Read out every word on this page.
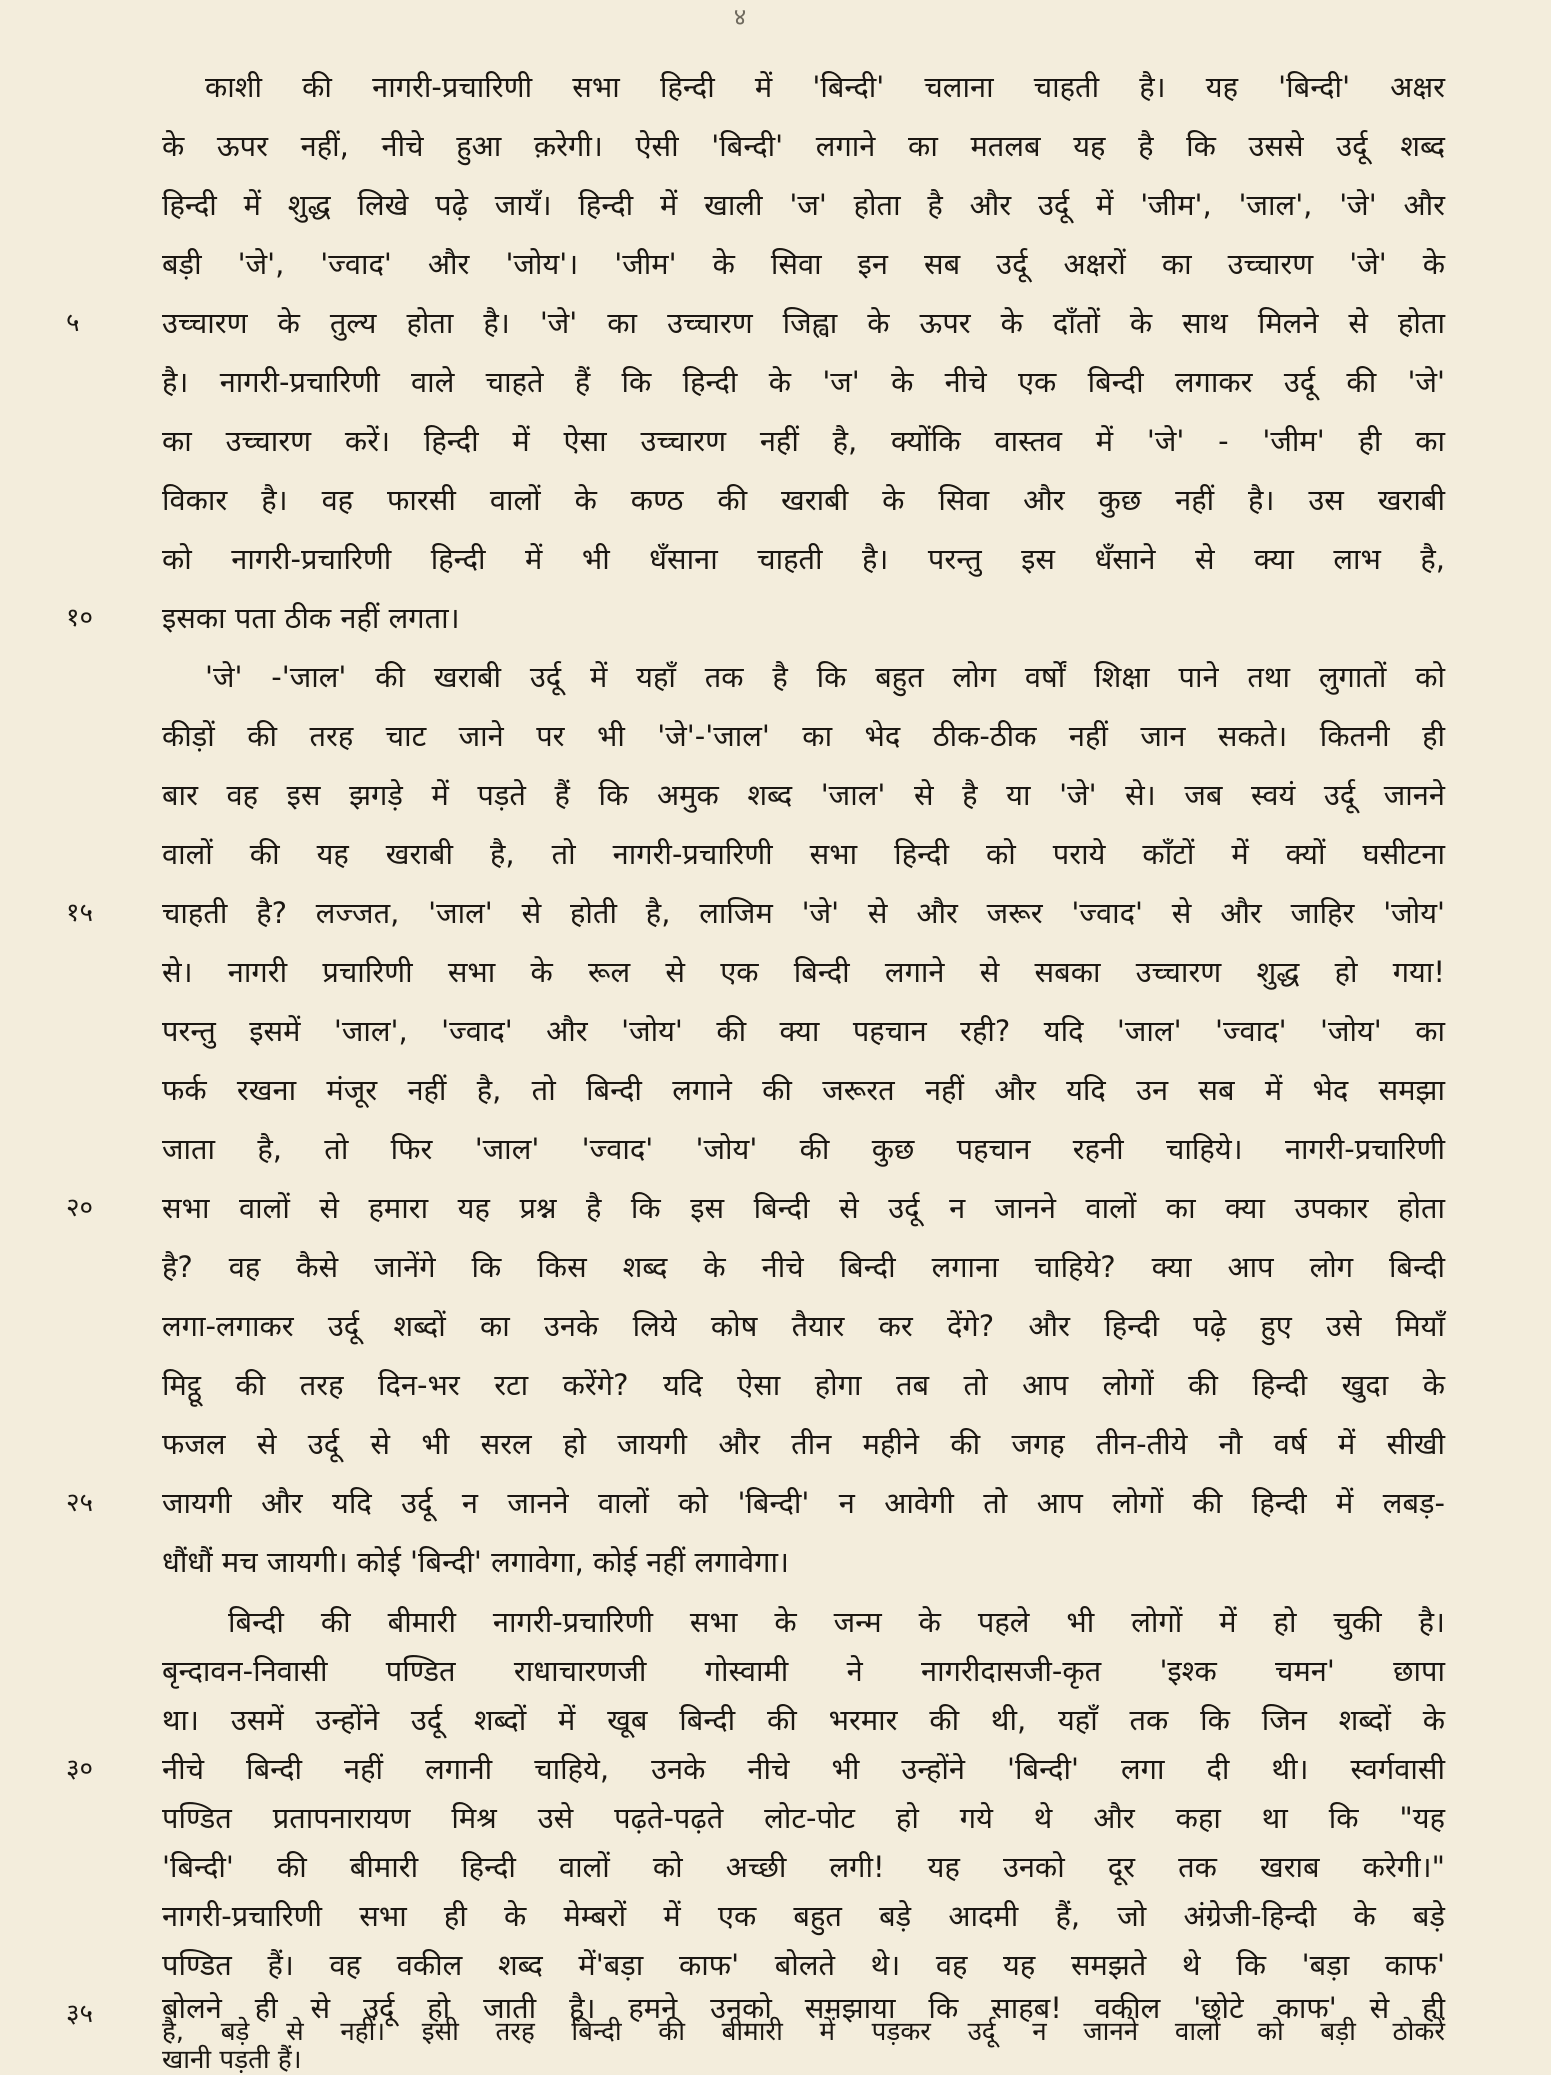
४
काशी की नागरी-प्रचारिणी सभा हिन्दी में 'बिन्दी' चलाना चाहती है। यह 'बिन्दी' अक्षर
के ऊपर नहीं, नीचे हुआ क़रेगी। ऐसी 'बिन्दी' लगाने का मतलब यह है कि उससे उर्दू शब्द
हिन्दी में शुद्ध लिखे पढ़े जायँ। हिन्दी में खाली 'ज' होता है और उर्दू में 'जीम', 'जाल', 'जे' और
बड़ी 'जे', 'ज्वाद' और 'जोय'। 'जीम' के सिवा इन सब उर्दू अक्षरों का उच्चारण 'जे' के
उच्चारण के तुल्य होता है। 'जे' का उच्चारण जिह्वा के ऊपर के दाँतों के साथ मिलने से होता
है। नागरी-प्रचारिणी वाले चाहते हैं कि हिन्दी के 'ज' के नीचे एक बिन्दी लगाकर उर्दू की 'जे'
का उच्चारण करें। हिन्दी में ऐसा उच्चारण नहीं है, क्योंकि वास्तव में 'जे' - 'जीम' ही का
विकार है। वह फारसी वालों के कण्ठ की खराबी के सिवा और कुछ नहीं है। उस खराबी
को नागरी-प्रचारिणी हिन्दी में भी धँसाना चाहती है। परन्तु इस धँसाने से क्या लाभ है,
इसका पता ठीक नहीं लगता।
'जे' -'जाल' की खराबी उर्दू में यहाँ तक है कि बहुत लोग वर्षों शिक्षा पाने तथा लुगातों को
कीड़ों की तरह चाट जाने पर भी 'जे'-'जाल' का भेद ठीक-ठीक नहीं जान सकते। कितनी ही
बार वह इस झगड़े में पड़ते हैं कि अमुक शब्द 'जाल' से है या 'जे' से। जब स्वयं उर्दू जानने
वालों की यह खराबी है, तो नागरी-प्रचारिणी सभा हिन्दी को पराये काँटों में क्यों घसीटना
चाहती है? लज्जत, 'जाल' से होती है, लाजिम 'जे' से और जरूर 'ज्वाद' से और जाहिर 'जोय'
से। नागरी प्रचारिणी सभा के रूल से एक बिन्दी लगाने से सबका उच्चारण शुद्ध हो गया!
परन्तु इसमें 'जाल', 'ज्वाद' और 'जोय' की क्या पहचान रही? यदि 'जाल' 'ज्वाद' 'जोय' का
फर्क रखना मंजूर नहीं है, तो बिन्दी लगाने की जरूरत नहीं और यदि उन सब में भेद समझा
जाता है, तो फिर 'जाल' 'ज्वाद' 'जोय' की कुछ पहचान रहनी चाहिये। नागरी-प्रचारिणी
सभा वालों से हमारा यह प्रश्न है कि इस बिन्दी से उर्दू न जानने वालों का क्या उपकार होता
है? वह कैसे जानेंगे कि किस शब्द के नीचे बिन्दी लगाना चाहिये? क्या आप लोग बिन्दी
लगा-लगाकर उर्दू शब्दों का उनके लिये कोष तैयार कर देंगे? और हिन्दी पढ़े हुए उसे मियाँ
मिट्ठू की तरह दिन-भर रटा करेंगे? यदि ऐसा होगा तब तो आप लोगों की हिन्दी खुदा के
फजल से उर्दू से भी सरल हो जायगी और तीन महीने की जगह तीन-तीये नौ वर्ष में सीखी
जायगी और यदि उर्दू न जानने वालों को 'बिन्दी' न आवेगी तो आप लोगों की हिन्दी में लबड़-
धौंधौं मच जायगी। कोई 'बिन्दी' लगावेगा, कोई नहीं लगावेगा।
बिन्दी की बीमारी नागरी-प्रचारिणी सभा के जन्म के पहले भी लोगों में हो चुकी है।
बृन्दावन-निवासी पण्डित राधाचारणजी गोस्वामी ने नागरीदासजी-कृत 'इश्क चमन' छापा
था। उसमें उन्होंने उर्दू शब्दों में खूब बिन्दी की भरमार की थी, यहाँ तक कि जिन शब्दों के
नीचे बिन्दी नहीं लगानी चाहिये, उनके नीचे भी उन्होंने 'बिन्दी' लगा दी थी। स्वर्गवासी
पण्डित प्रतापनारायण मिश्र उसे पढ़ते-पढ़ते लोट-पोट हो गये थे और कहा था कि "यह
'बिन्दी' की बीमारी हिन्दी वालों को अच्छी लगी! यह उनको दूर तक खराब करेगी।"
नागरी-प्रचारिणी सभा ही के मेम्बरों में एक बहुत बड़े आदमी हैं, जो अंग्रेजी-हिन्दी के बड़े
पण्डित हैं। वह वकील शब्द में'बड़ा काफ' बोलते थे। वह यह समझते थे कि 'बड़ा काफ'
बोलने ही से उर्दू हो जाती है। हमने उनको समझाया कि साहब! वकील 'छोटे काफ' से ही
है, बड़े से नहीं। इसी तरह बिन्दी की बीमारी में पड़कर उर्दू न जानने वालों को बड़ी ठोकरें
खानी पड़ती हैं।
५
१०
१५
२०
२५
३०
३५
